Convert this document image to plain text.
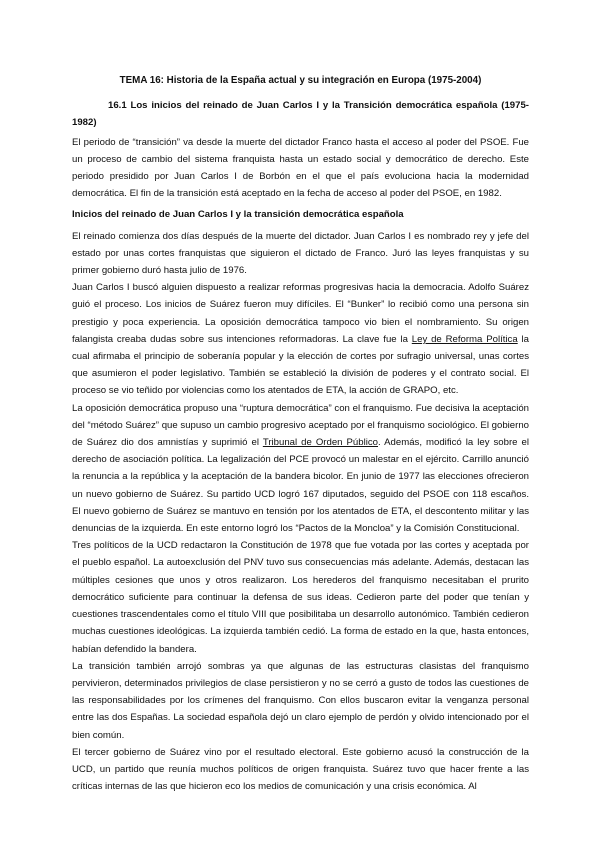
TEMA 16: Historia de la España actual y su integración en Europa (1975-2004)
16.1 Los inicios del reinado de Juan Carlos I y la Transición democrática española (1975-1982)

El periodo de “transición” va desde la muerte del dictador Franco hasta el acceso al poder del PSOE. Fue un proceso de cambio del sistema franquista hasta un estado social y democrático de derecho. Este periodo presidido por Juan Carlos I de Borbón en el que el país evoluciona hacia la modernidad democrática. El fin de la transición está aceptado en la fecha de acceso al poder del PSOE, en 1982.

Inicios del reinado de Juan Carlos I y la transición democrática española

El reinado comienza dos días después de la muerte del dictador. Juan Carlos I es nombrado rey y jefe del estado por unas cortes franquistas que siguieron el dictado de Franco. Juró las leyes franquistas y su primer gobierno duró hasta julio de 1976.

Juan Carlos I buscó alguien dispuesto a realizar reformas progresivas hacia la democracia. Adolfo Suárez guió el proceso. Los inicios de Suárez fueron muy difíciles. El “Bunker” lo recibió como una persona sin prestigio y poca experiencia. La oposición democrática tampoco vio bien el nombramiento. Su origen falangista creaba dudas sobre sus intenciones reformadoras. La clave fue la Ley de Reforma Política la cual afirmaba el principio de soberanía popular y la elección de cortes por sufragio universal, unas cortes que asumieron el poder legislativo. También se estableció la división de poderes y el contrato social. El proceso se vio teñido por violencias como los atentados de ETA, la acción de GRAPO, etc.

La oposición democrática propuso una “ruptura democrática” con el franquismo. Fue decisiva la aceptación del “método Suárez” que supuso un cambio progresivo aceptado por el franquismo sociológico. El gobierno de Suárez dio dos amnistías y suprimió el Tribunal de Orden Público. Además, modificó la ley sobre el derecho de asociación política. La legalización del PCE provocó un malestar en el ejército. Carrillo anunció la renuncia a la república y la aceptación de la bandera bicolor. En junio de 1977 las elecciones ofrecieron un nuevo gobierno de Suárez. Su partido UCD logró 167 diputados, seguido del PSOE con 118 escaños. El nuevo gobierno de Suárez se mantuvo en tensión por los atentados de ETA, el descontento militar y las denuncias de la izquierda. En este entorno logró los “Pactos de la Moncloa” y la Comisión Constitucional.

Tres políticos de la UCD redactaron la Constitución de 1978 que fue votada por las cortes y aceptada por el pueblo español. La autoexclusión del PNV tuvo sus consecuencias más adelante. Además, destacan las múltiples cesiones que unos y otros realizaron. Los herederos del franquismo necesitaban el prurito democrático suficiente para continuar la defensa de sus ideas. Cedieron parte del poder que tenían y cuestiones trascendentales como el título VIII que posibilitaba un desarrollo autonómico. También cedieron muchas cuestiones ideológicas. La izquierda también cedió. La forma de estado en la que, hasta entonces, habían defendido la bandera.

La transición también arrojó sombras ya que algunas de las estructuras clasistas del franquismo pervivieron, determinados privilegios de clase persistieron y no se cerró a gusto de todos las cuestiones de las responsabilidades por los crímenes del franquismo. Con ellos buscaron evitar la venganza personal entre las dos Españas. La sociedad española dejó un claro ejemplo de perdón y olvido intencionado por el bien común.

El tercer gobierno de Suárez vino por el resultado electoral. Este gobierno acusó la construcción de la UCD, un partido que reunía muchos políticos de origen franquista. Suárez tuvo que hacer frente a las críticas internas de las que hicieron eco los medios de comunicación y una crisis económica. Al
